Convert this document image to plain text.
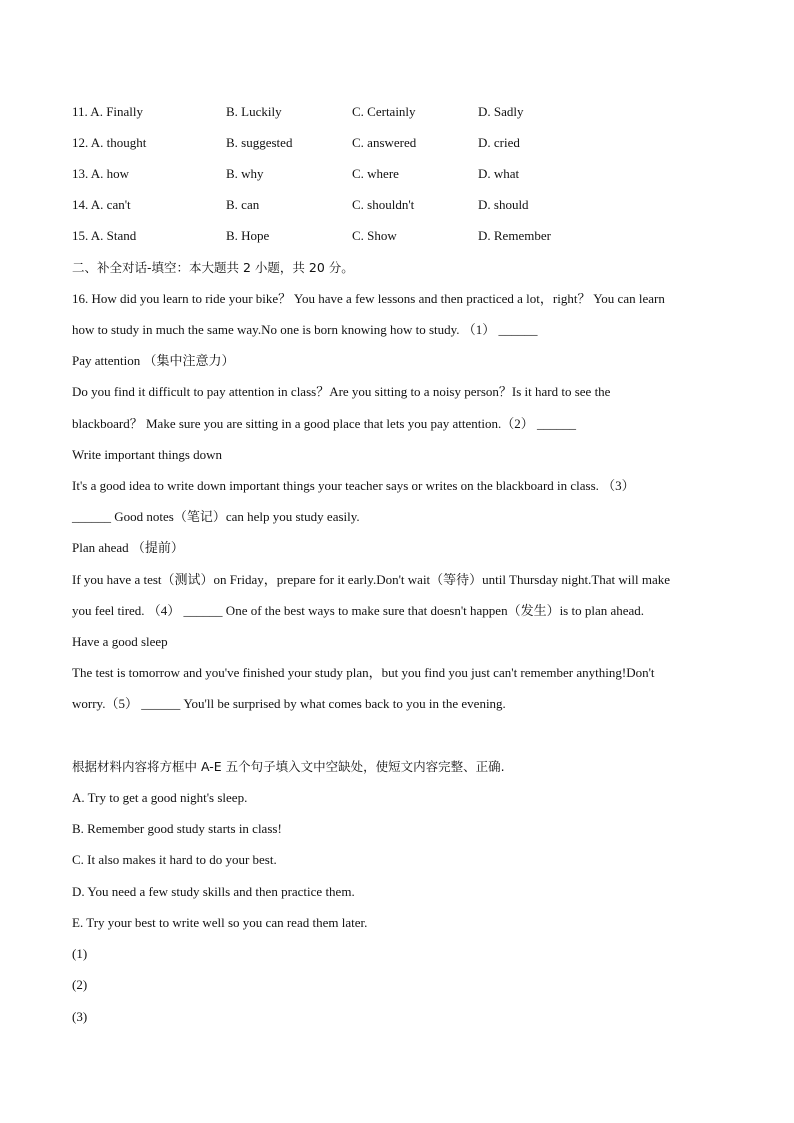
11. A. Finally	B. Luckily	C. Certainly	D. Sadly
12. A. thought	B. suggested	C. answered	D. cried
13. A. how	B. why	C. where	D. what
14. A. can't	B. can	C. shouldn't	D. should
15. A. Stand	B. Hope	C. Show	D. Remember
二、补全对话-填空：本大题共 2 小题，共 20 分。
16. How did you learn to ride your bike？ You have a few lessons and then practiced a lot，right？ You can learn
how to study in much the same way.No one is born knowing how to study. （1） ______
Pay attention （集中注意力）
Do you find it difficult to pay attention in class？Are you sitting to a noisy person？Is it hard to see the
blackboard？ Make sure you are sitting in a good place that lets you pay attention.（2） ______
Write important things down
It's a good idea to write down important things your teacher says or writes on the blackboard in class. （3）
______ Good notes（笔记）can help you study easily.
Plan ahead （提前）
If you have a test（测试）on Friday，prepare for it early.Don't wait（等待）until Thursday night.That will make
you feel tired. （4） ______ One of the best ways to make sure that doesn't happen（发生）is to plan ahead.
Have a good sleep
The test is tomorrow and you've finished your study plan，but you find you just can't remember anything!Don't
worry.（5） ______ You'll be surprised by what comes back to you in the evening.
根据材料内容将方框中 A-E 五个句子填入文中空缺处，使短文内容完整、正确.
A. Try to get a good night's sleep.
B. Remember good study starts in class!
C. It also makes it hard to do your best.
D. You need a few study skills and then practice them.
E. Try your best to write well so you can read them later.
(1)
(2)
(3)
